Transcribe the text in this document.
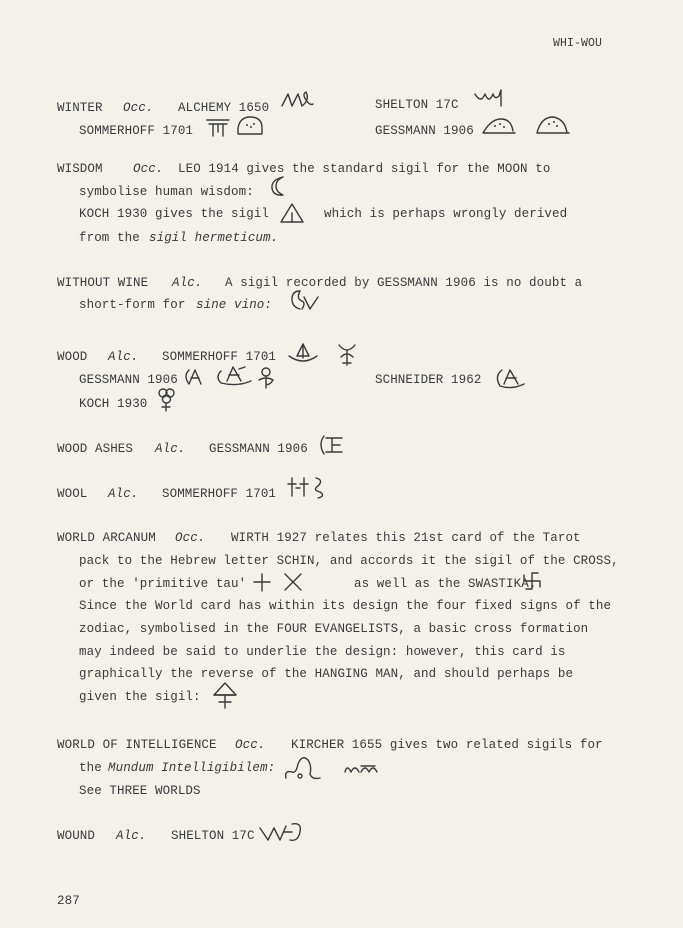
WHI-WOU
WINTER Occ. ALCHEMY 1650	SHELTON 17C
SOMMERHOFF 1701	GESSMANN 1906
WISDOM Occ. LEO 1914 gives the standard sigil for the MOON to
symbolise human wisdom:
KOCH 1930 gives the sigil	which is perhaps wrongly derived
from the sigil hermeticum.
WITHOUT WINE Alc. A sigil recorded by GESSMANN 1906 is no doubt a
short-form for sine vino:
WOOD Alc. SOMMERHOFF 1701
GESSMANN 1906	SCHNEIDER 1962
KOCH 1930
WOOD ASHES Alc. GESSMANN 1906
WOOL Alc. SOMMERHOFF 1701
WORLD ARCANUM Occ. WIRTH 1927 relates this 21st card of the Tarot
pack to the Hebrew letter SCHIN, and accords it the sigil of the CROSS,
or the 'primitive tau'	as well as the SWASTIKA:
Since the World card has within its design the four fixed signs of the
zodiac, symbolised in the FOUR EVANGELISTS, a basic cross formation
may indeed be said to underlie the design: however, this card is
graphically the reverse of the HANGING MAN, and should perhaps be
given the sigil:
WORLD OF INTELLIGENCE Occ. KIRCHER 1655 gives two related sigils for
the Mundum Intelligibilem:
See THREE WORLDS
WOUND Alc. SHELTON 17C
287
